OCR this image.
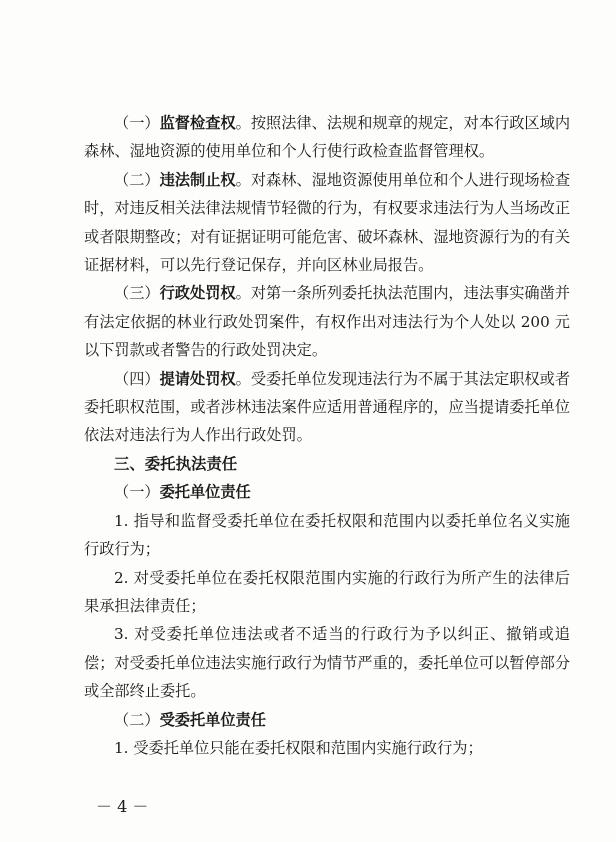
（一）监督检查权。按照法律、法规和规章的规定，对本行政区域内森林、湿地资源的使用单位和个人行使行政检查监督管理权。

（二）违法制止权。对森林、湿地资源使用单位和个人进行现场检查时，对违反相关法律法规情节轻微的行为，有权要求违法行为人当场改正或者限期整改；对有证据证明可能危害、破坏森林、湿地资源行为的有关证据材料，可以先行登记保存，并向区林业局报告。

（三）行政处罚权。对第一条所列委托执法范围内，违法事实确凿并有法定依据的林业行政处罚案件，有权作出对违法行为个人处以 200 元以下罚款或者警告的行政处罚决定。

（四）提请处罚权。受委托单位发现违法行为不属于其法定职权或者委托职权范围，或者涉林违法案件应适用普通程序的，应当提请委托单位依法对违法行为人作出行政处罚。

三、委托执法责任

（一）委托单位责任

1. 指导和监督受委托单位在委托权限和范围内以委托单位名义实施行政行为；

2. 对受委托单位在委托权限范围内实施的行政行为所产生的法律后果承担法律责任；

3. 对受委托单位违法或者不适当的行政行为予以纠正、撤销或追偿；对受委托单位违法实施行政行为情节严重的，委托单位可以暂停部分或全部终止委托。

（二）受委托单位责任

1. 受委托单位只能在委托权限和范围内实施行政行为；

－ 4 －
